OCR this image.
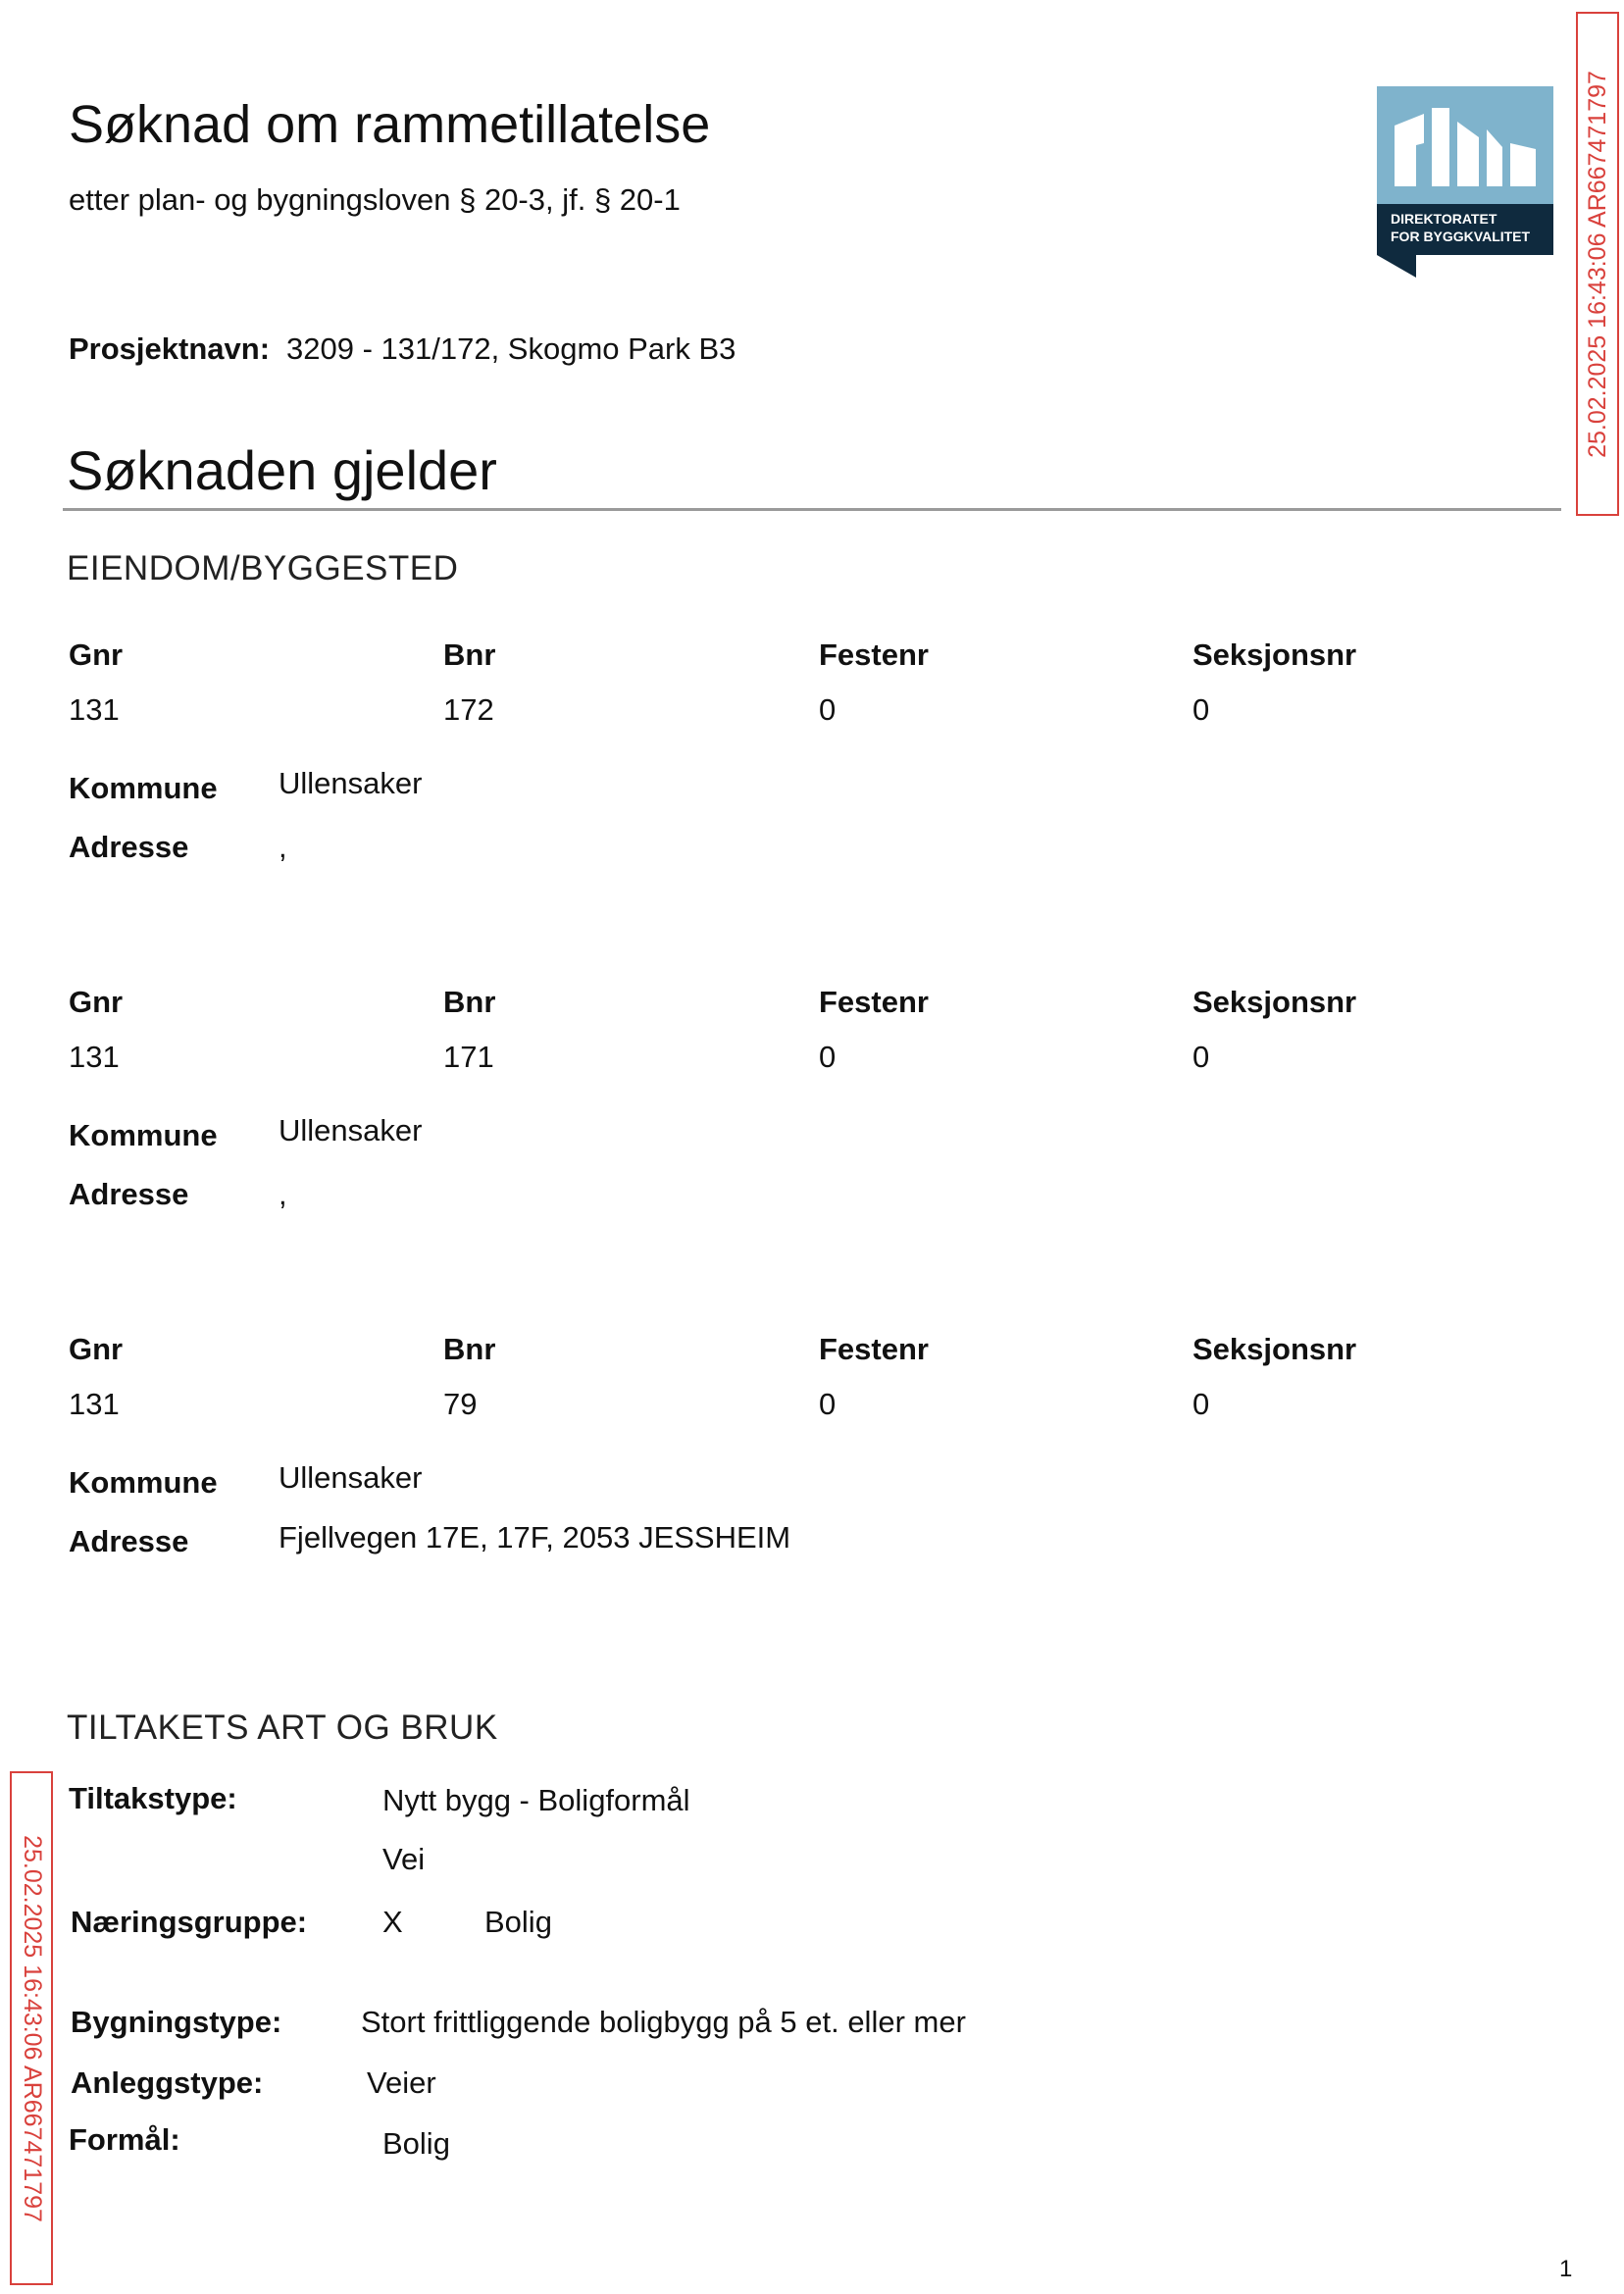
Søknad om rammetillatelse
etter plan- og bygningsloven § 20-3, jf. § 20-1
DIREKTORATET
FOR BYGGKVALITET 25.02.2025 16:43:06 AR667471797
25.02.2025 16:43:06 AR667471797
Prosjektnavn: 3209 - 131/172, Skogmo Park B3
Søknaden gjelder
EIENDOM/BYGGESTED
Gnr	Bnr	Festenr	Seksjonsnr
131	172	0	0
Kommune Ullensaker
Adresse	,
Gnr	Bnr	Festenr	Seksjonsnr
131	171	0	0
Kommune Ullensaker
Adresse	,
Gnr	Bnr	Festenr	Seksjonsnr
131	79	0	0
Kommune Ullensaker
Adresse	Fjellvegen 17E, 17F, 2053 JESSHEIM
TILTAKETS ART OG BRUK
Tiltakstype:	Nytt bygg - Boligformål
Vei
Næringsgruppe: X	Bolig
Bygningstype:	Stort frittliggende boligbygg på 5 et. eller mer
Anleggstype:	Veier
Formål:	Bolig
1
